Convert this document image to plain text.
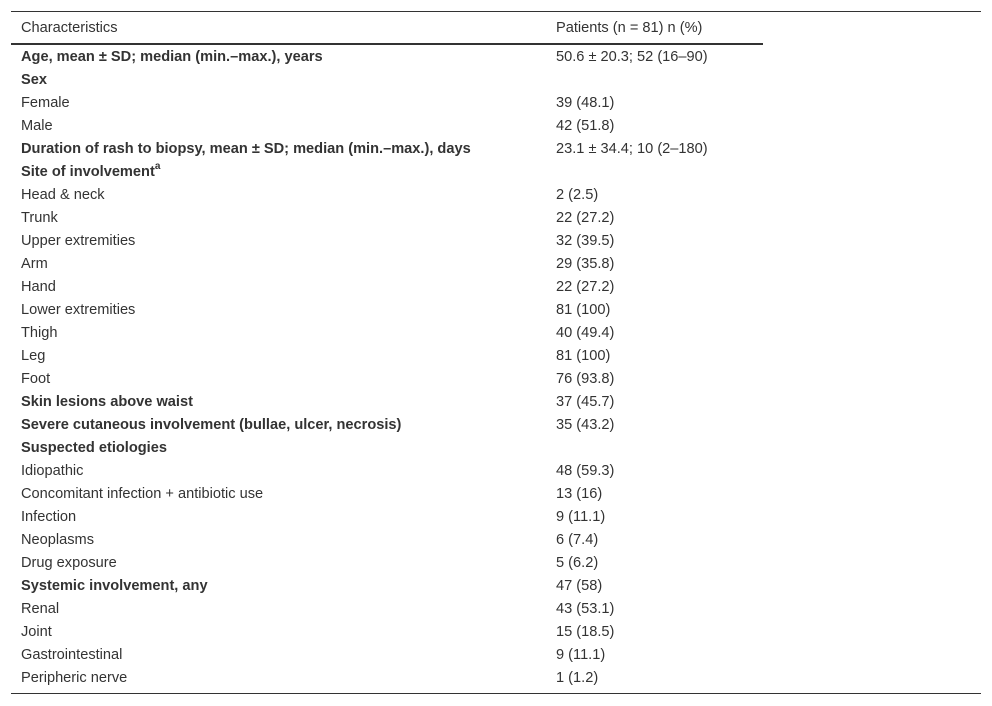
Characteristics	Patients (n = 81) n (%)
Age, mean ± SD; median (min.–max.), years	50.6 ± 20.3; 52 (16–90)
Sex	
Female	39 (48.1)
Male	42 (51.8)
Duration of rash to biopsy, mean ± SD; median (min.–max.), days	23.1 ± 34.4; 10 (2–180)
Site of involvement$^a$	
Head & neck	2 (2.5)
Trunk	22 (27.2)
Upper extremities	32 (39.5)
Arm	29 (35.8)
Hand	22 (27.2)
Lower extremities	81 (100)
Thigh	40 (49.4)
Leg	81 (100)
Foot	76 (93.8)
Skin lesions above waist	37 (45.7)
Severe cutaneous involvement (bullae, ulcer, necrosis)	35 (43.2)
Suspected etiologies	
Idiopathic	48 (59.3)
Concomitant infection + antibiotic use	13 (16)
Infection	9 (11.1)
Neoplasms	6 (7.4)
Drug exposure	5 (6.2)
Systemic involvement, any	47 (58)
Renal	43 (53.1)
Joint	15 (18.5)
Gastrointestinal	9 (11.1)
Peripheric nerve	1 (1.2)
